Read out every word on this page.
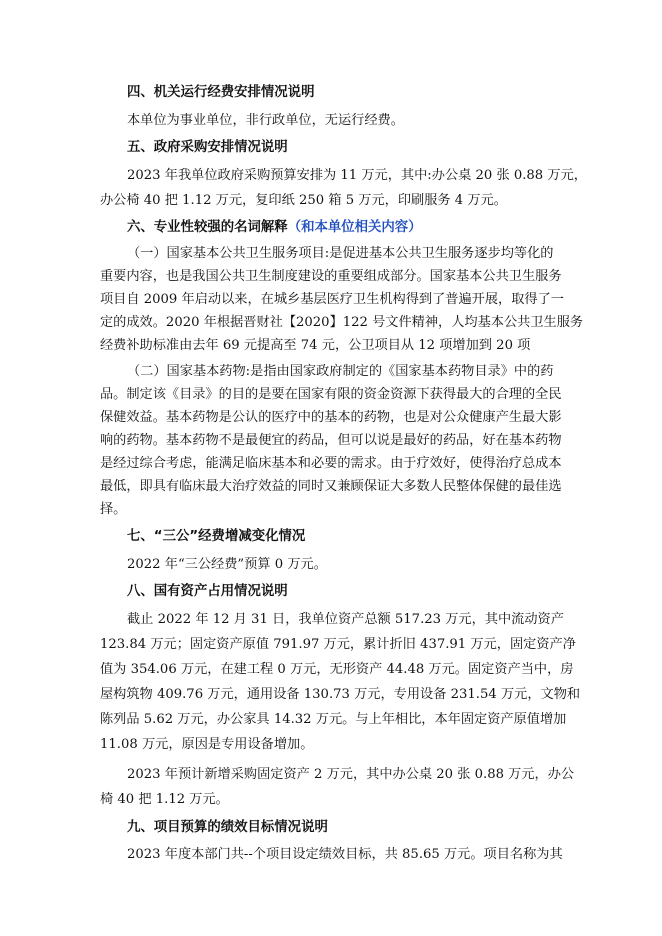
四、机关运行经费安排情况说明
本单位为事业单位，非行政单位，无运行经费。
五、政府采购安排情况说明
2023 年我单位政府采购预算安排为 11 万元，其中:办公桌 20 张 0.88 万元，
办公椅 40 把 1.12 万元，复印纸 250 箱 5 万元，印刷服务 4 万元。
六、专业性较强的名词解释（和本单位相关内容）
（一）国家基本公共卫生服务项目:是促进基本公共卫生服务逐步均等化的
重要内容，也是我国公共卫生制度建设的重要组成部分。国家基本公共卫生服务
项目自 2009 年启动以来，在城乡基层医疗卫生机构得到了普遍开展，取得了一
定的成效。2020 年根据晋财社【2020】122 号文件精神，人均基本公共卫生服务
经费补助标准由去年 69 元提高至 74 元，公卫项目从 12 项增加到 20 项
（二）国家基本药物:是指由国家政府制定的《国家基本药物目录》中的药
品。制定该《目录》的目的是要在国家有限的资金资源下获得最大的合理的全民
保健效益。基本药物是公认的医疗中的基本的药物，也是对公众健康产生最大影
响的药物。基本药物不是最便宜的药品，但可以说是最好的药品，好在基本药物
是经过综合考虑，能满足临床基本和必要的需求。由于疗效好，使得治疗总成本
最低，即具有临床最大治疗效益的同时又兼顾保证大多数人民整体保健的最佳选
择。
七、“三公”经费增减变化情况
2022 年“三公经费”预算 0 万元。
八、国有资产占用情况说明
截止 2022 年 12 月 31 日，我单位资产总额 517.23 万元，其中流动资产
123.84 万元；固定资产原值 791.97 万元，累计折旧 437.91 万元，固定资产净
值为 354.06 万元，在建工程 0 万元，无形资产 44.48 万元。固定资产当中，房
屋构筑物 409.76 万元，通用设备 130.73 万元，专用设备 231.54 万元，文物和
陈列品 5.62 万元，办公家具 14.32 万元。与上年相比，本年固定资产原值增加
11.08 万元，原因是专用设备增加。
2023 年预计新增采购固定资产 2 万元，其中办公桌 20 张 0.88 万元，办公
椅 40 把 1.12 万元。
九、项目预算的绩效目标情况说明
2023 年度本部门共--个项目设定绩效目标，共 85.65 万元。项目名称为其
